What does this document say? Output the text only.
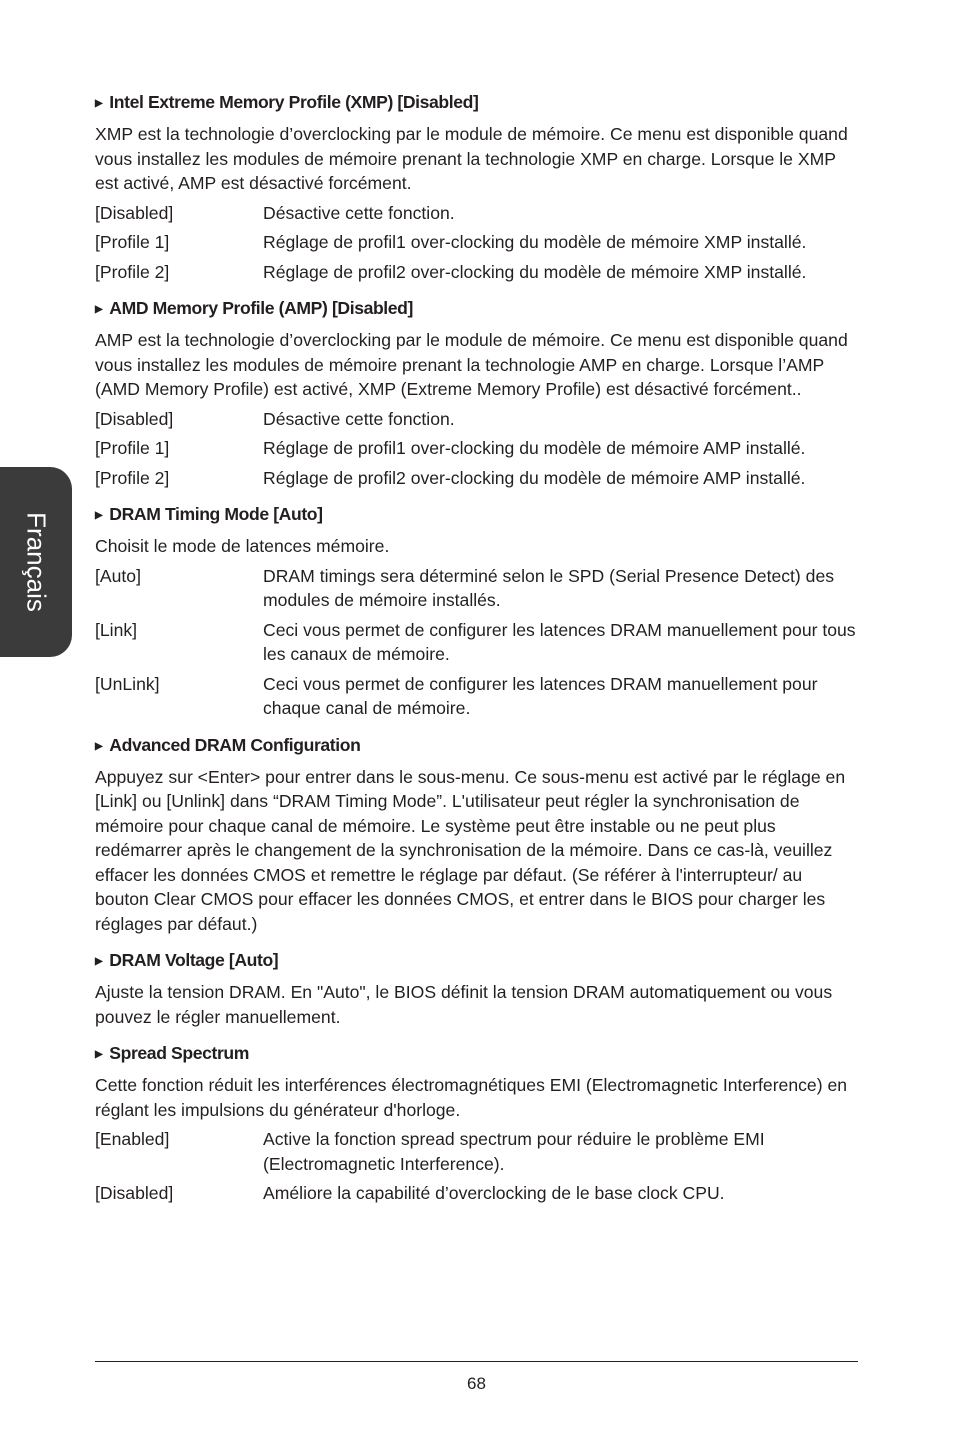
Français
▶ Intel Extreme Memory Profile (XMP) [Disabled]

XMP est la technologie d’overclocking par le module de mémoire. Ce menu est disponible quand vous installez les modules de mémoire prenant la technologie XMP en charge. Lorsque le XMP est activé, AMP est désactivé forcément.

[Disabled]	Désactive cette fonction.
[Profile 1]	Réglage de profil1 over-clocking du modèle de mémoire XMP installé.
[Profile 2]	Réglage de profil2 over-clocking du modèle de mémoire XMP installé.
▶ AMD Memory Profile (AMP) [Disabled]

AMP est la technologie d’overclocking par le module de mémoire. Ce menu est disponible quand vous installez les modules de mémoire prenant la technologie AMP en charge. Lorsque l’AMP (AMD Memory Profile) est activé, XMP (Extreme Memory Profile) est désactivé forcément..

[Disabled]	Désactive cette fonction.
[Profile 1]	Réglage de profil1 over-clocking du modèle de mémoire AMP installé.
[Profile 2]	Réglage de profil2 over-clocking du modèle de mémoire AMP installé.
▶ DRAM Timing Mode [Auto]

Choisit le mode de latences mémoire.

[Auto]	DRAM timings sera déterminé selon le SPD (Serial Presence Detect) des modules de mémoire installés.
[Link]	Ceci vous permet de configurer les latences DRAM manuellement pour tous les canaux de mémoire.
[UnLink]	Ceci vous permet de configurer les latences DRAM manuellement pour chaque canal de mémoire.
▶ Advanced DRAM Configuration

Appuyez sur <Enter> pour entrer dans le sous-menu. Ce sous-menu est activé par le réglage en [Link] ou [Unlink] dans “DRAM Timing Mode”. L'utilisateur peut régler la synchronisation de mémoire pour chaque canal de mémoire. Le système peut être instable ou ne peut plus redémarrer après le changement de la synchronisation de la mémoire. Dans ce cas-là, veuillez effacer les données CMOS et remettre le réglage par défaut. (Se référer à l'interrupteur/ au bouton Clear CMOS pour effacer les données CMOS, et entrer dans le BIOS pour charger les réglages par défaut.)

▶ DRAM Voltage [Auto]

Ajuste la tension DRAM. En "Auto", le BIOS définit la tension DRAM automatiquement ou vous pouvez le régler manuellement.

▶ Spread Spectrum

Cette fonction réduit les interférences électromagnétiques EMI (Electromagnetic Interference) en réglant les impulsions du générateur d'horloge.

[Enabled]	Active la fonction spread spectrum pour réduire le problème EMI (Electromagnetic Interference).
[Disabled]	Améliore la capabilité d’overclocking de le base clock CPU.
68
